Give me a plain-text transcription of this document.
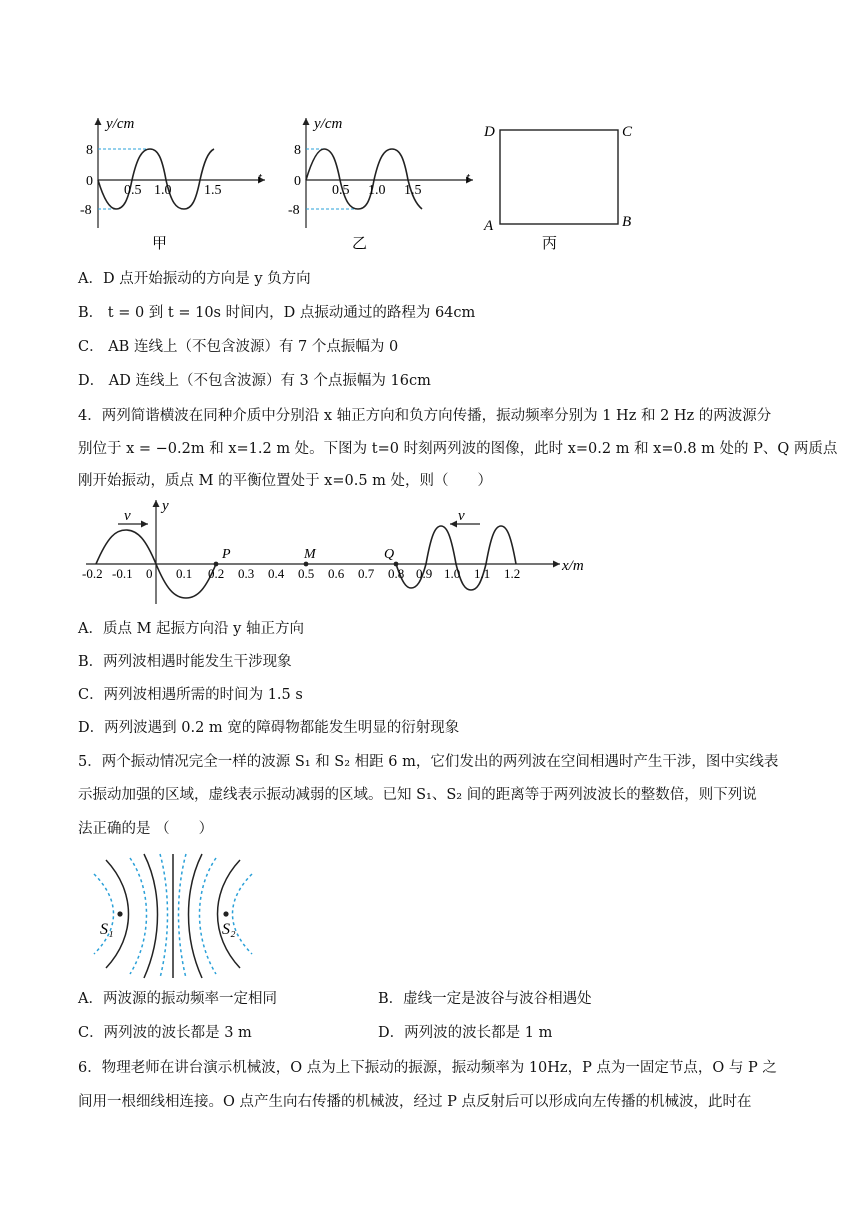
y/cm
t
8
0
-8
0.5 1.0 1.5
甲
y/cm
t
8
0
-8
0.5 1.0 1.5
乙
D	C
A	B
丙
A．D 点开始振动的方向是 y 负方向
B． t = 0 到 t = 10s 时间内，D 点振动通过的路程为 64cm
C． AB 连线上（不包含波源）有 7 个点振幅为 0
D． AD 连线上（不包含波源）有 3 个点振幅为 16cm
4．两列简谐横波在同种介质中分别沿 x 轴正方向和负方向传播，振动频率分别为 1 Hz 和 2 Hz 的两波源分
别位于 x = −0.2m 和 x=1.2 m 处。下图为 t=0 时刻两列波的图像，此时 x=0.2 m 和 x=0.8 m 处的 P、Q 两质点
刚开始振动，质点 M 的平衡位置处于 x=0.5 m 处，则（　　）
y
x/m
v	v
P	M	Q
-0.2 -0.1 0 0.1 0.2 0.3 0.4 0.5 0.6 0.7 0.8 0.9 1.0 1.1 1.2
A．质点 M 起振方向沿 y 轴正方向
B．两列波相遇时能发生干涉现象
C．两列波相遇所需的时间为 1.5 s
D．两列波遇到 0.2 m 宽的障碍物都能发生明显的衍射现象
5．两个振动情况完全一样的波源 S₁ 和 S₂ 相距 6 m，它们发出的两列波在空间相遇时产生干涉，图中实线表
示振动加强的区域，虚线表示振动减弱的区域。已知 S₁、S₂ 间的距离等于两列波波长的整数倍，则下列说
法正确的是 （　　）
S₁	S₂
A．两波源的振动频率一定相同	B．虚线一定是波谷与波谷相遇处
C．两列波的波长都是 3 m	D．两列波的波长都是 1 m
6．物理老师在讲台演示机械波，O 点为上下振动的振源，振动频率为 10Hz，P 点为一固定节点，O 与 P 之
间用一根细线相连接。O 点产生向右传播的机械波，经过 P 点反射后可以形成向左传播的机械波，此时在
